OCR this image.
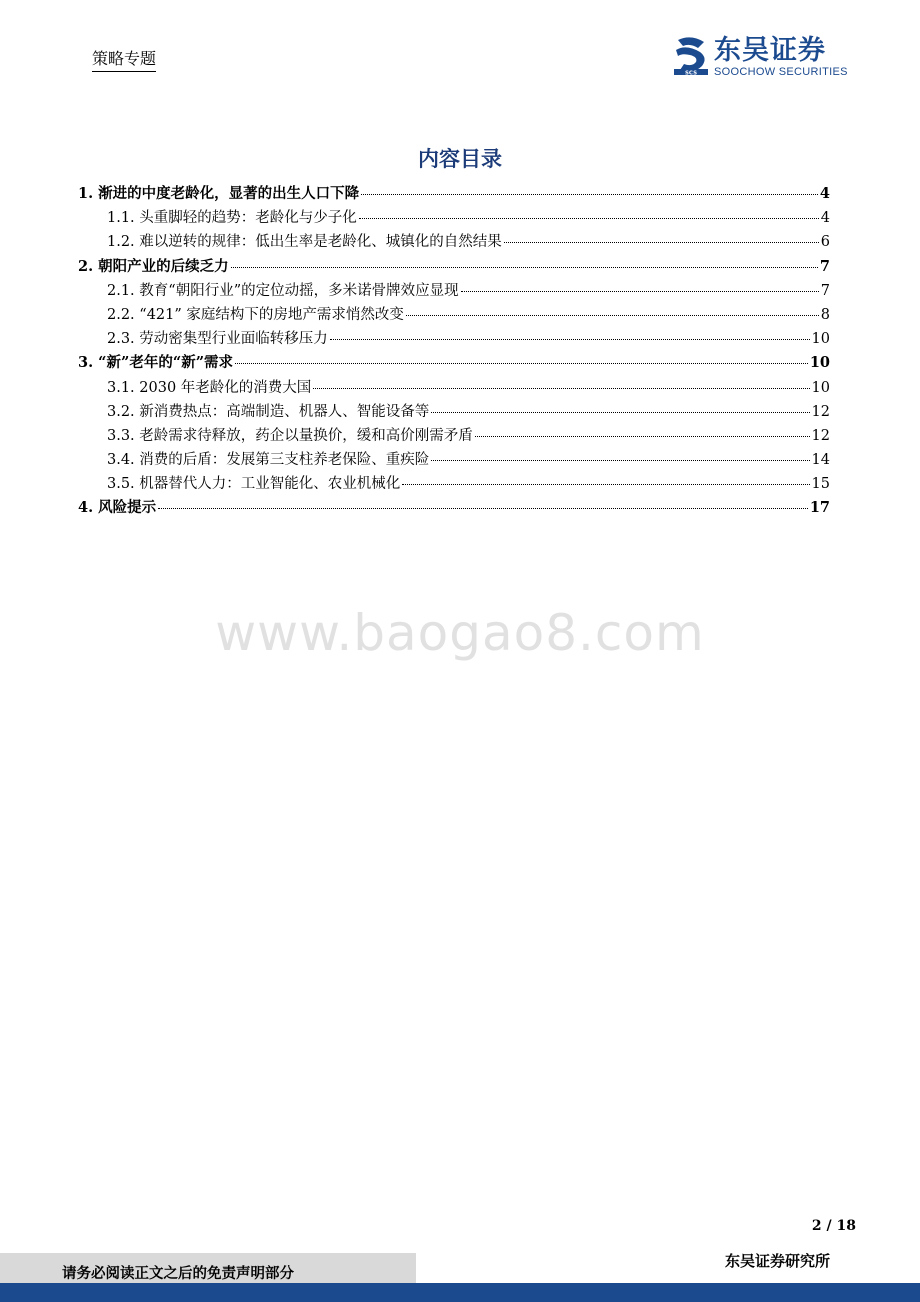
策略专题
SCS
东吴证券
SOOCHOW SECURITIES
内容目录
1. 渐进的中度老龄化，显著的出生人口下降	4
1.1. 头重脚轻的趋势：老龄化与少子化	4
1.2. 难以逆转的规律：低出生率是老龄化、城镇化的自然结果	6
2. 朝阳产业的后续乏力	7
2.1. 教育“朝阳行业”的定位动摇，多米诺骨牌效应显现	7
2.2. “421” 家庭结构下的房地产需求悄然改变	8
2.3. 劳动密集型行业面临转移压力	10
3. “新”老年的“新”需求	10
3.1. 2030 年老龄化的消费大国	10
3.2. 新消费热点：高端制造、机器人、智能设备等	12
3.3. 老龄需求待释放，药企以量换价，缓和高价刚需矛盾	12
3.4. 消费的后盾：发展第三支柱养老保险、重疾险	14
3.5. 机器替代人力：工业智能化、农业机械化	15
4. 风险提示	17
www.baogao8.com
2 / 18
请务必阅读正文之后的免责声明部分
东吴证券研究所
